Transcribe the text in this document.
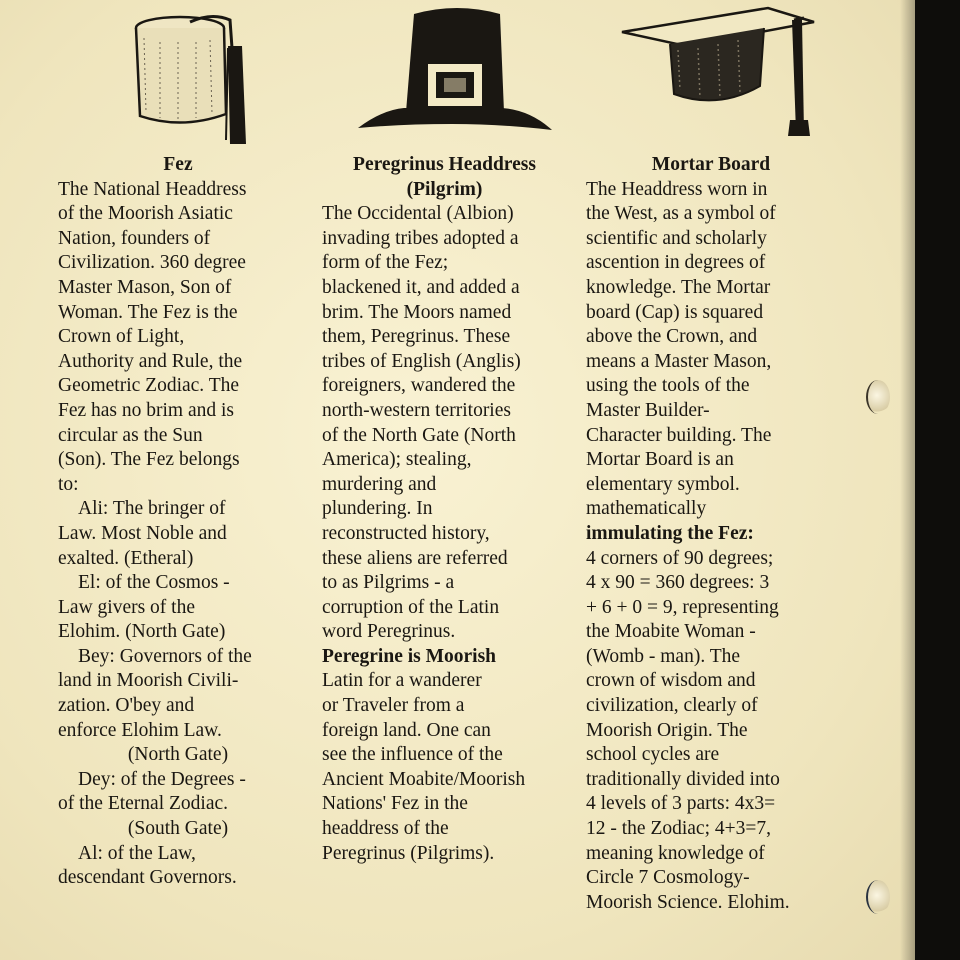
Fez
The National Headdress
of the Moorish Asiatic
Nation, founders of
Civilization. 360 degree
Master Mason, Son of
Woman. The Fez is the
Crown of Light,
Authority and Rule, the
Geometric Zodiac. The
Fez has no brim and is
circular as the Sun
(Son). The Fez belongs
to:
Ali: The bringer of
Law. Most Noble and
exalted. (Etheral)
El: of the Cosmos -
Law givers of the
Elohim. (North Gate)
Bey: Governors of the
land in Moorish Civili-
zation. O'bey and
enforce Elohim Law.
(North Gate)
Dey: of the Degrees -
of the Eternal Zodiac.
(South Gate)
Al: of the Law,
descendant Governors.
Peregrinus Headdress
(Pilgrim)
The Occidental (Albion)
invading tribes adopted a
form of the Fez;
blackened it, and added a
brim. The Moors named
them, Peregrinus. These
tribes of English (Anglis)
foreigners, wandered the
north-western territories
of the North Gate (North
America); stealing,
murdering and
plundering. In
reconstructed history,
these aliens are referred
to as Pilgrims - a
corruption of the Latin
word Peregrinus.
Peregrine is Moorish
Latin for a wanderer
or Traveler from a
foreign land. One can
see the influence of the
Ancient Moabite/Moorish
Nations' Fez in the
headdress of the
Peregrinus (Pilgrims).
Mortar Board
The Headdress worn in
the West, as a symbol of
scientific and scholarly
ascention in degrees of
knowledge. The Mortar
board (Cap) is squared
above the Crown, and
means a Master Mason,
using the tools of the
Master Builder-
Character building. The
Mortar Board is an
elementary symbol.
mathematically
immulating the Fez:
4 corners of 90 degrees;
4 x 90 = 360 degrees: 3
+ 6 + 0 = 9, representing
the Moabite Woman -
(Womb - man). The
crown of wisdom and
civilization, clearly of
Moorish Origin. The
school cycles are
traditionally divided into
4 levels of 3 parts: 4x3=
12 - the Zodiac; 4+3=7,
meaning knowledge of
Circle 7 Cosmology-
Moorish Science. Elohim.
